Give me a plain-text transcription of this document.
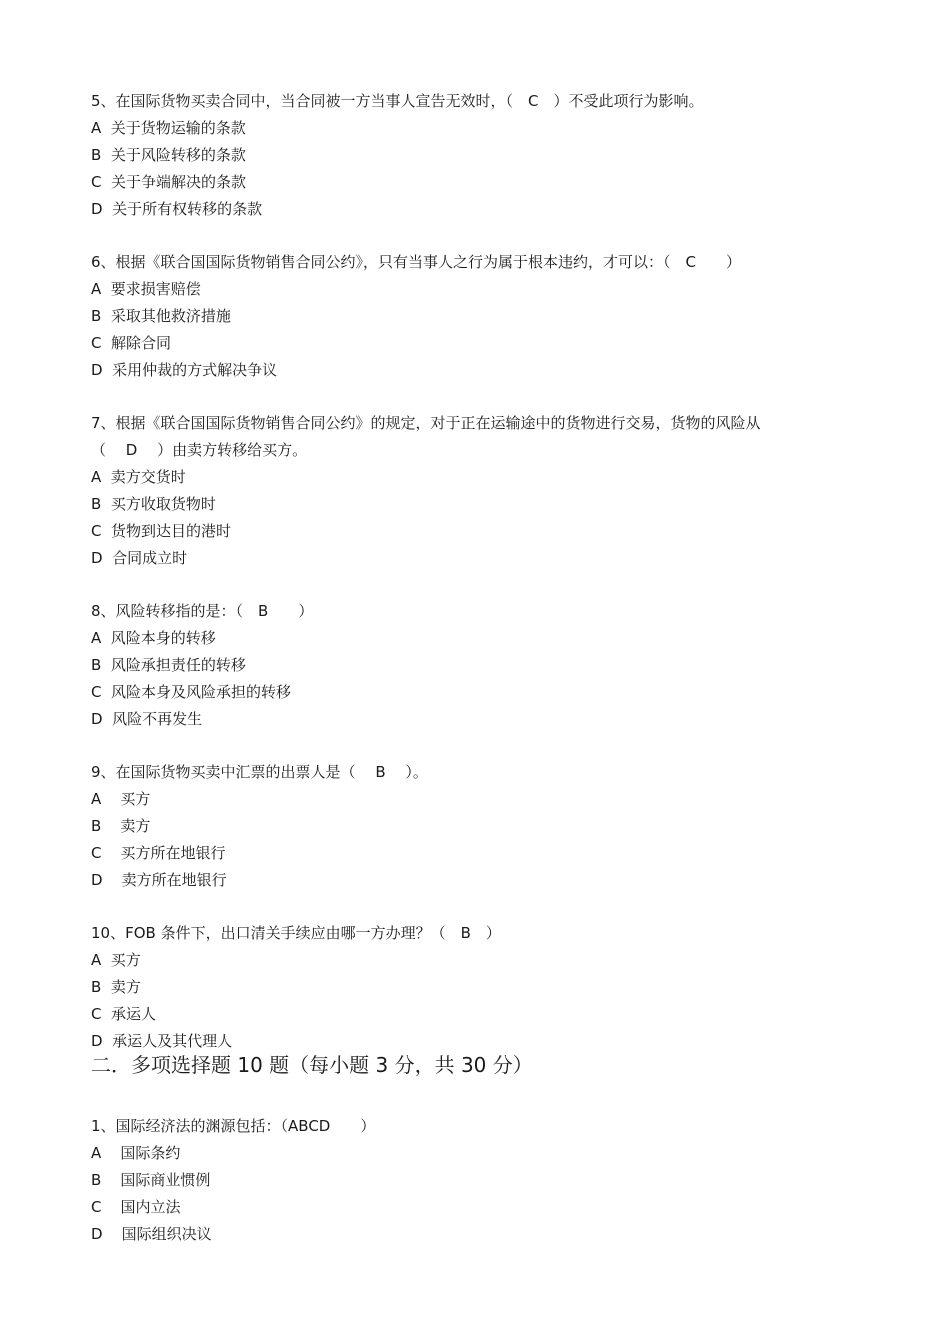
5、在国际货物买卖合同中，当合同被一方当事人宣告无效时，（　C　）不受此项行为影响。
A  关于货物运输的条款
B  关于风险转移的条款
C  关于争端解决的条款
D  关于所有权转移的条款
6、根据《联合国国际货物销售合同公约》，只有当事人之行为属于根本违约，才可以：（　C　　）
A  要求损害赔偿
B  采取其他救济措施
C  解除合同
D  采用仲裁的方式解决争议
7、根据《联合国国际货物销售合同公约》的规定，对于正在运输途中的货物进行交易，货物的风险从
（　 D　 ）由卖方转移给买方。
A  卖方交货时
B  买方收取货物时
C  货物到达目的港时
D  合同成立时
8、风险转移指的是：（　B　　）
A  风险本身的转移
B  风险承担责任的转移
C  风险本身及风险承担的转移
D  风险不再发生
9、在国际货物买卖中汇票的出票人是（　 B　 ）。
A    买方
B    卖方
C    买方所在地银行
D    卖方所在地银行
10、FOB 条件下，出口清关手续应由哪一方办理？（　B　）
A  买方
B  卖方
C  承运人
D  承运人及其代理人
二．多项选择题 10 题（每小题 3 分，共 30 分）
1、国际经济法的渊源包括：（ABCD　　）
A    国际条约
B    国际商业惯例
C    国内立法
D    国际组织决议
